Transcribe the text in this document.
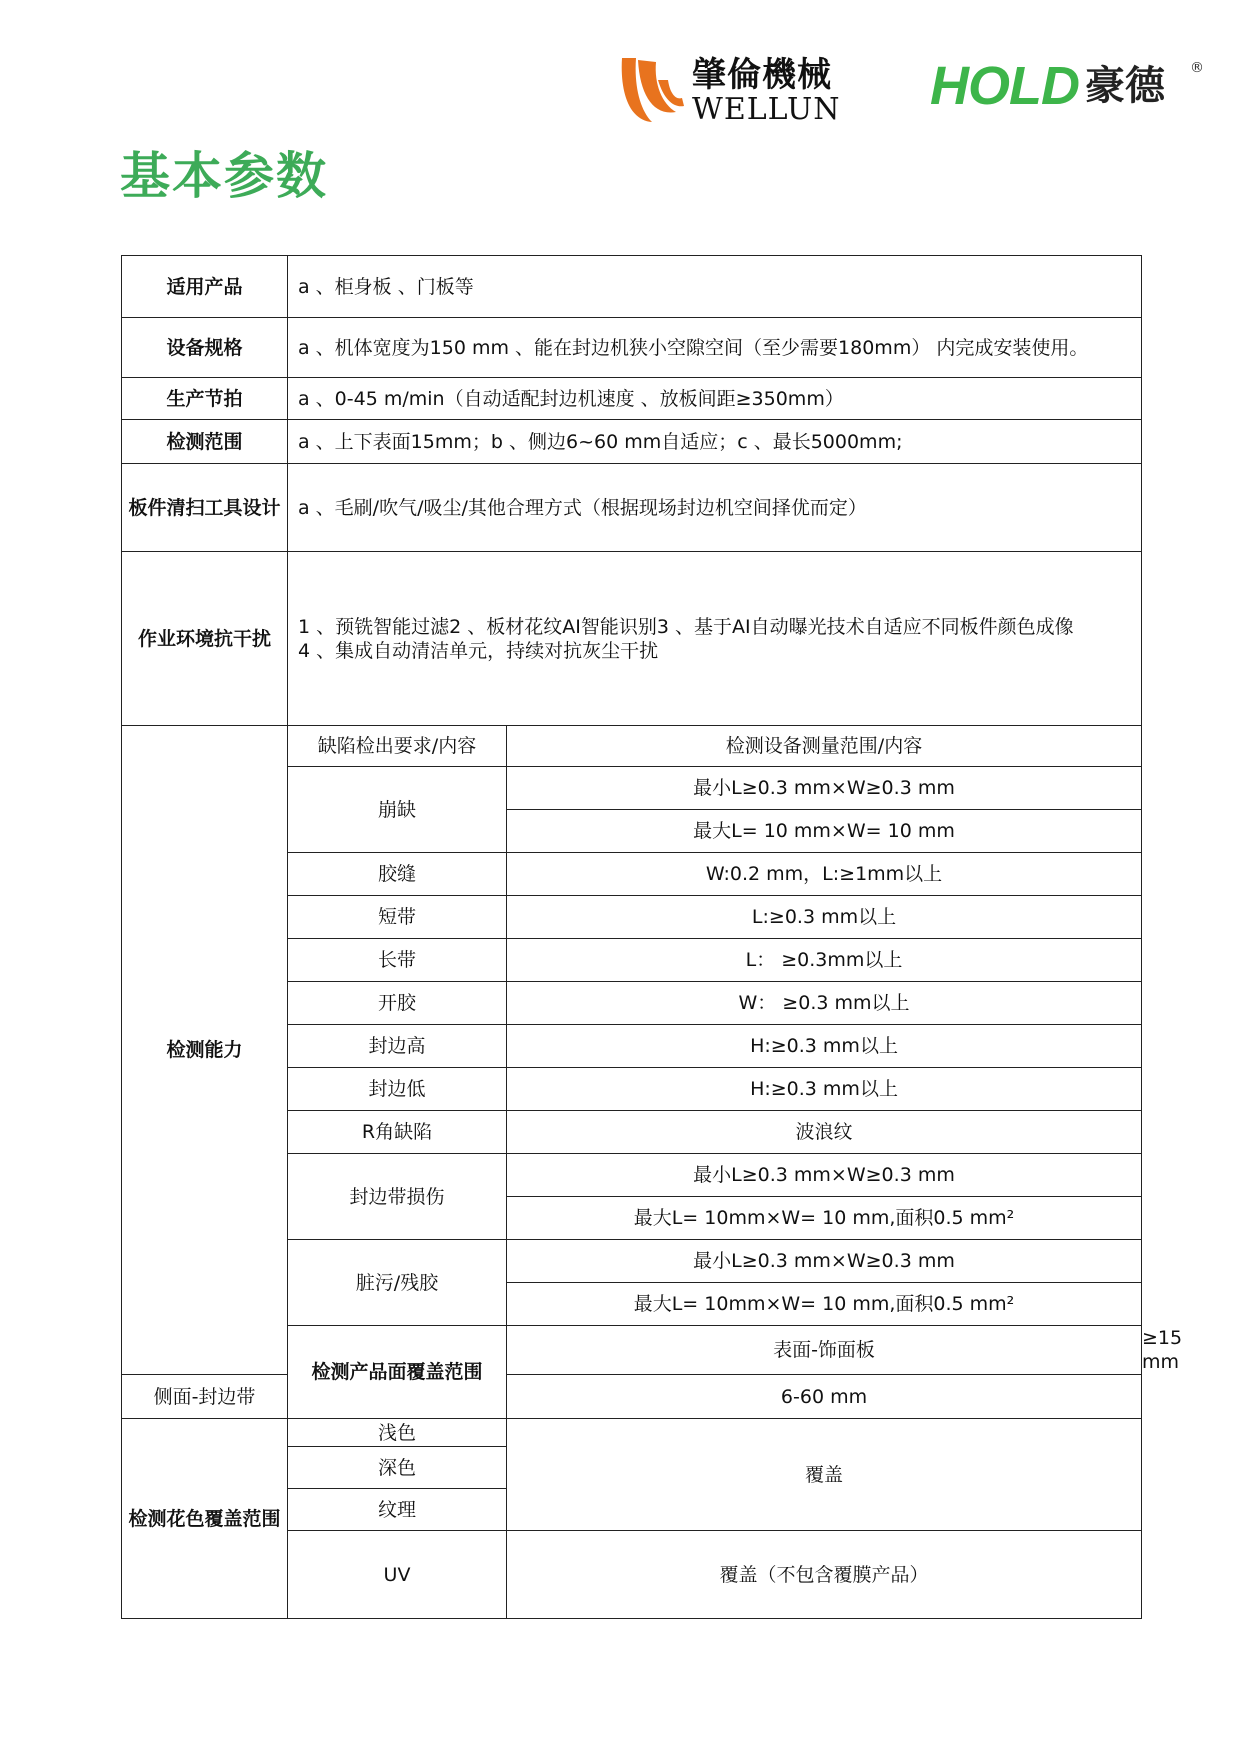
肇倫機械
WELLUN HOLD 豪德 ®
基本参数
适用产品	a 、柜身板 、门板等		
设备规格	a 、机体宽度为150 mm 、能在封边机狭小空隙空间（至少需要180mm） 内完成安装使用。		
生产节拍	a 、0-45 m/min（自动适配封边机速度 、放板间距≥350mm）		
检测范围	a 、上下表面15mm；b 、侧边6~60 mm自适应；c 、最长5000mm;		
板件清扫工具设计	a 、毛刷/吹气/吸尘/其他合理方式（根据现场封边机空间择优而定）		
作业环境抗干扰	1 、预铣智能过滤2 、板材花纹AI智能识别3 、基于AI自动曝光技术自适应不同板件颜色成像
4 、集成自动清洁单元，持续对抗灰尘干扰		

检测能力	缺陷检出要求/内容	检测设备测量范围/内容	
	崩缺	最小L≥0.3 mm×W≥0.3 mm	
		最大L= 10 mm×W= 10 mm	
	胶缝	W:0.2 mm，L:≥1mm以上	
	短带	L:≥0.3 mm以上	
	长带	L： ≥0.3mm以上	
	开胶	W： ≥0.3 mm以上	
	封边高	H:≥0.3 mm以上	
	封边低	H:≥0.3 mm以上	
	R角缺陷	波浪纹	
	封边带损伤	最小L≥0.3 mm×W≥0.3 mm	
		最大L= 10mm×W= 10 mm,面积0.5 mm²	
	脏污/残胶	最小L≥0.3 mm×W≥0.3 mm	
		最大L= 10mm×W= 10 mm,面积0.5 mm²	
	检测产品面覆盖范围	表面-饰面板	≥15 mm
侧面-封边带		6-60 mm	
检测花色覆盖范围	浅色	覆盖	
	深色		
	纹理		
	UV	覆盖（不包含覆膜产品）	
